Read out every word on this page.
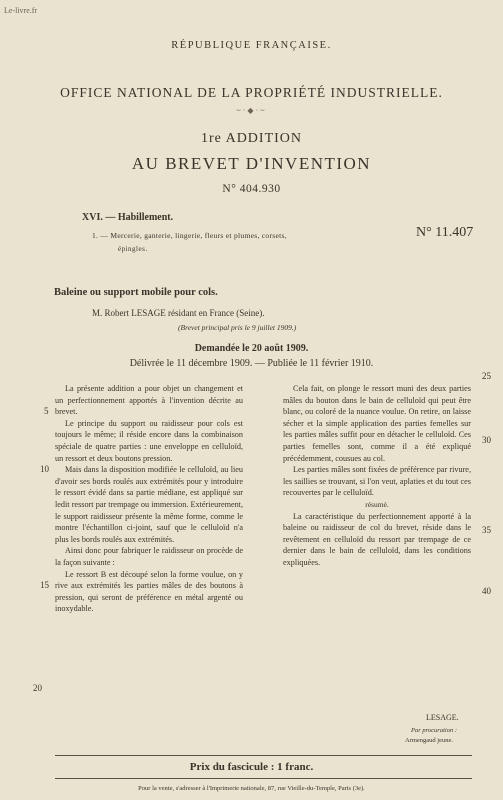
Le-livre.fr
RÉPUBLIQUE FRANÇAISE.
OFFICE NATIONAL DE LA PROPRIÉTÉ INDUSTRIELLE.
~·◆·~
1re ADDITION
AU BREVET D'INVENTION
N° 404.930
XVI. — Habillement.
1. — Mercerie, ganterie, lingerie, fleurs et plumes, corsets,
épingles.
N° 11.407
Baleine ou support mobile pour cols.
M. Robert LESAGE résidant en France (Seine).
(Brevet principal pris le 9 juillet 1909.)
Demandée le 20 août 1909.
Délivrée le 11 décembre 1909. — Publiée le 11 février 1910.

La présente addition a pour objet un changement et un perfectionnement apportés à l'invention décrite au brevet.

Le principe du support ou raidisseur pour cols est toujours le même; il réside encore dans la combinaison spéciale de quatre parties : une enveloppe en celluloïd, un ressort et deux boutons pression.

Mais dans la disposition modifiée le celluloïd, au lieu d'avoir ses bords roulés aux extrémités pour y introduire le ressort évidé dans sa partie médiane, est appliqué sur ledit ressort par trempage ou immersion. Extérieurement, le support raidisseur présente la même forme, comme le montre l'échantillon ci-joint, sauf que le celluloïd n'a plus les bords roulés aux extrémités.

Ainsi donc pour fabriquer le raidisseur on procède de la façon suivante :

Le ressort B est découpé selon la forme voulue, on y rive aux extrémités les parties mâles de des boutons à pression, qui seront de préférence en métal argenté ou inoxydable.

Cela fait, on plonge le ressort muni des deux parties mâles du bouton dans le bain de celluloïd qui peut être blanc, ou coloré de la nuance voulue. On retire, on laisse sécher et la simple application des parties femelles sur les parties mâles suffit pour en détacher le celluloïd. Ces parties femelles sont, comme il a été expliqué précédemment, cousues au col.

Les parties mâles sont fixées de préférence par rivure, les saillies se trouvant, si l'on veut, aplaties et du tout ces recouvertes par le celluloïd.

résumé.

La caractéristique du perfectionnement apporté à la baleine ou raidisseur de col du brevet, réside dans le revêtement en celluloïd du ressort par trempage de ce dernier dans le bain de celluloïd, dans les conditions expliquées.

5
10
15
20
25
30
35
40
LESAGE.
Par procuration :
Armengaud jeune.
Prix du fascicule : 1 franc.
Pour la vente, s'adresser à l'Imprimerie nationale, 87, rue Vieille-du-Temple, Paris (3e).
